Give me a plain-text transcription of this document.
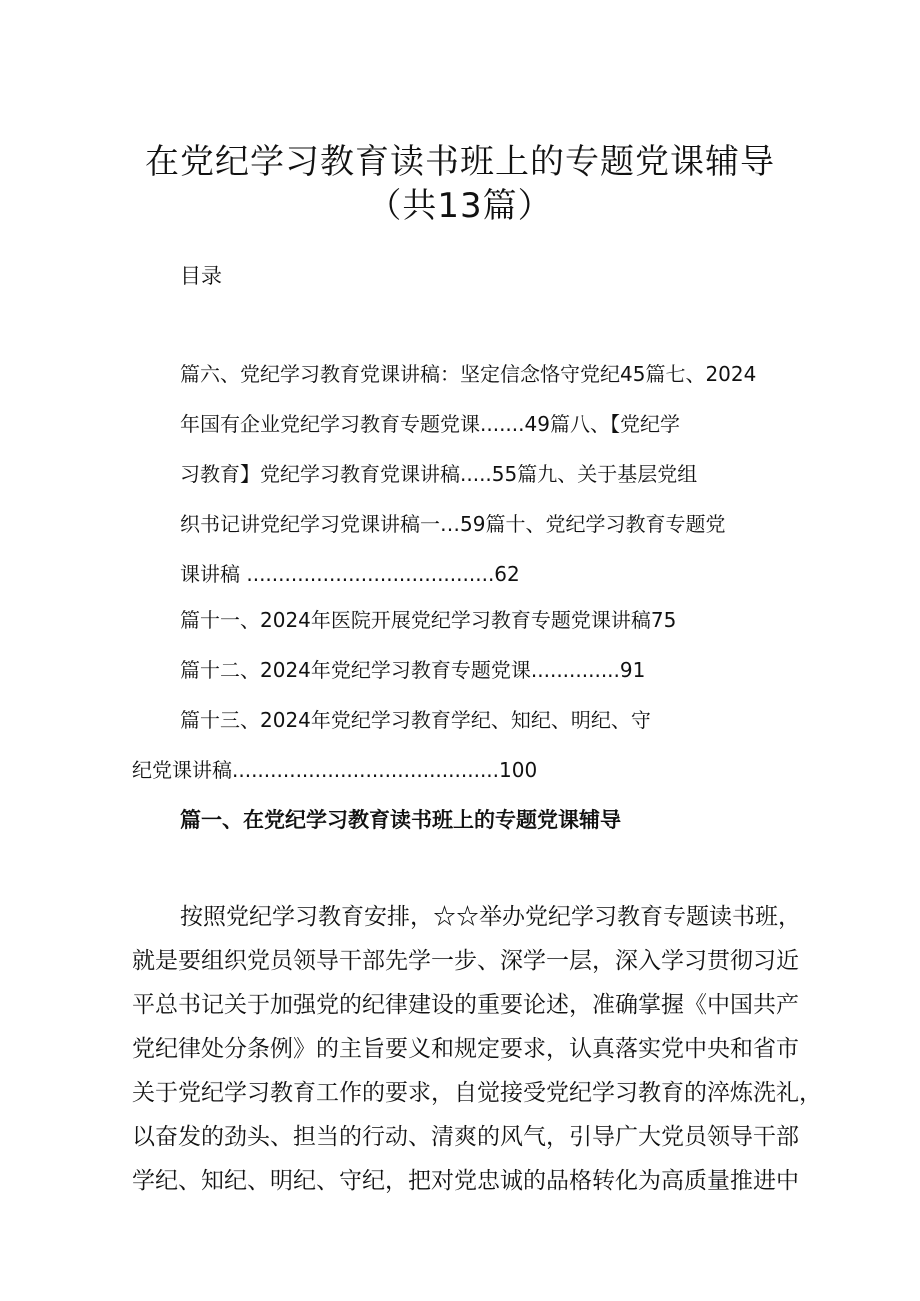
在党纪学习教育读书班上的专题党课辅导
（共13篇）
目录
篇六、党纪学习教育党课讲稿：坚定信念恪守党纪45篇七、2024
年国有企业党纪学习教育专题党课.......49篇八、【党纪学
习教育】党纪学习教育党课讲稿.....55篇九、关于基层党组
织书记讲党纪学习党课讲稿一…59篇十、党纪学习教育专题党
课讲稿 .......................................62
篇十一、2024年医院开展党纪学习教育专题党课讲稿75
篇十二、2024年党纪学习教育专题党课..............91
篇十三、2024年党纪学习教育学纪、知纪、明纪、守
纪党课讲稿..........................................100
篇一、在党纪学习教育读书班上的专题党课辅导
按照党纪学习教育安排，☆☆举办党纪学习教育专题读书班，
就是要组织党员领导干部先学一步、深学一层，深入学习贯彻习近
平总书记关于加强党的纪律建设的重要论述，准确掌握《中国共产
党纪律处分条例》的主旨要义和规定要求，认真落实党中央和省市
关于党纪学习教育工作的要求，自觉接受党纪学习教育的淬炼洗礼，
以奋发的劲头、担当的行动、清爽的风气，引导广大党员领导干部
学纪、知纪、明纪、守纪，把对党忠诚的品格转化为高质量推进中
